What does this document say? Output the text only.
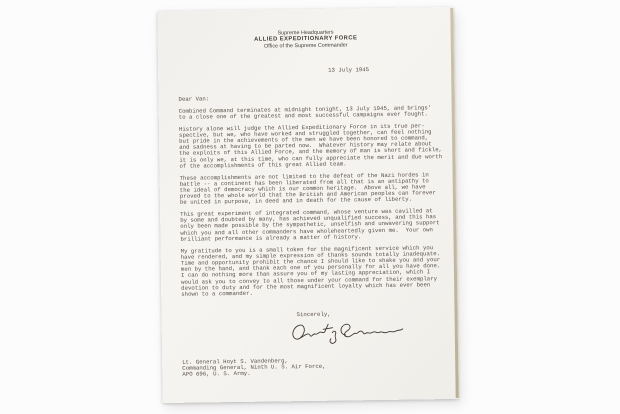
Supreme Headquarters
ALLIED EXPEDITIONARY FORCE
Office of the Supreme Commander
13 July 1945
Dear Van:
Combined Command terminates at midnight tonight, 13 July 1945, and brings'
to a close one of the greatest and most successful campaigns ever fought.
History alone will judge the Allied Expeditionary Force in its true per-
spective, but we, who have worked and struggled together, can feel nothing
but pride in the achievements of the men we have been honored to command,
and sadness at having to be parted now.  Whatever history may relate about
the exploits of this Allied Force, and the memory of man is short and fickle,
it is only we, at this time, who can fully appreciate the merit and due worth
of the accomplishments of this great Allied team.
These accomplishments are not limited to the defeat of the Nazi hordes in
battle -- a continent has been liberated from all that is an antipathy to
the ideal of democracy which is our common heritage.  Above all, we have
proved to the whole world that the British and American peoples can forever
be united in purpose, in deed and in death for the cause of liberty.
This great experiment of integrated command, whose venture was cavilled at
by some and doubted by many, has achieved unqualified success, and this has
only been made possible by the sympathetic, unselfish and unwavering support
which you and all other commanders have wholeheartedly given me.  Your own
brilliant performance is already a matter of history.
My gratitude to you is a small token for the magnificent service which you
have rendered, and my simple expression of thanks sounds totally inadequate.
Time and opportunity prohibit the chance I should like to shake you and your
men by the hand, and thank each one of you personally for all you have done.
I can do nothing more than assure you of my lasting appreciation, which I
would ask you to convey to all those under your command for their exemplary
devotion to duty and for the most magnificent loyalty which has ever been
shown to a commander.
Sincerely,
Lt. General Hoyt S. Vandenberg,
Commanding General, Ninth U. S. Air Force,
APO 696, U. S. Army.
